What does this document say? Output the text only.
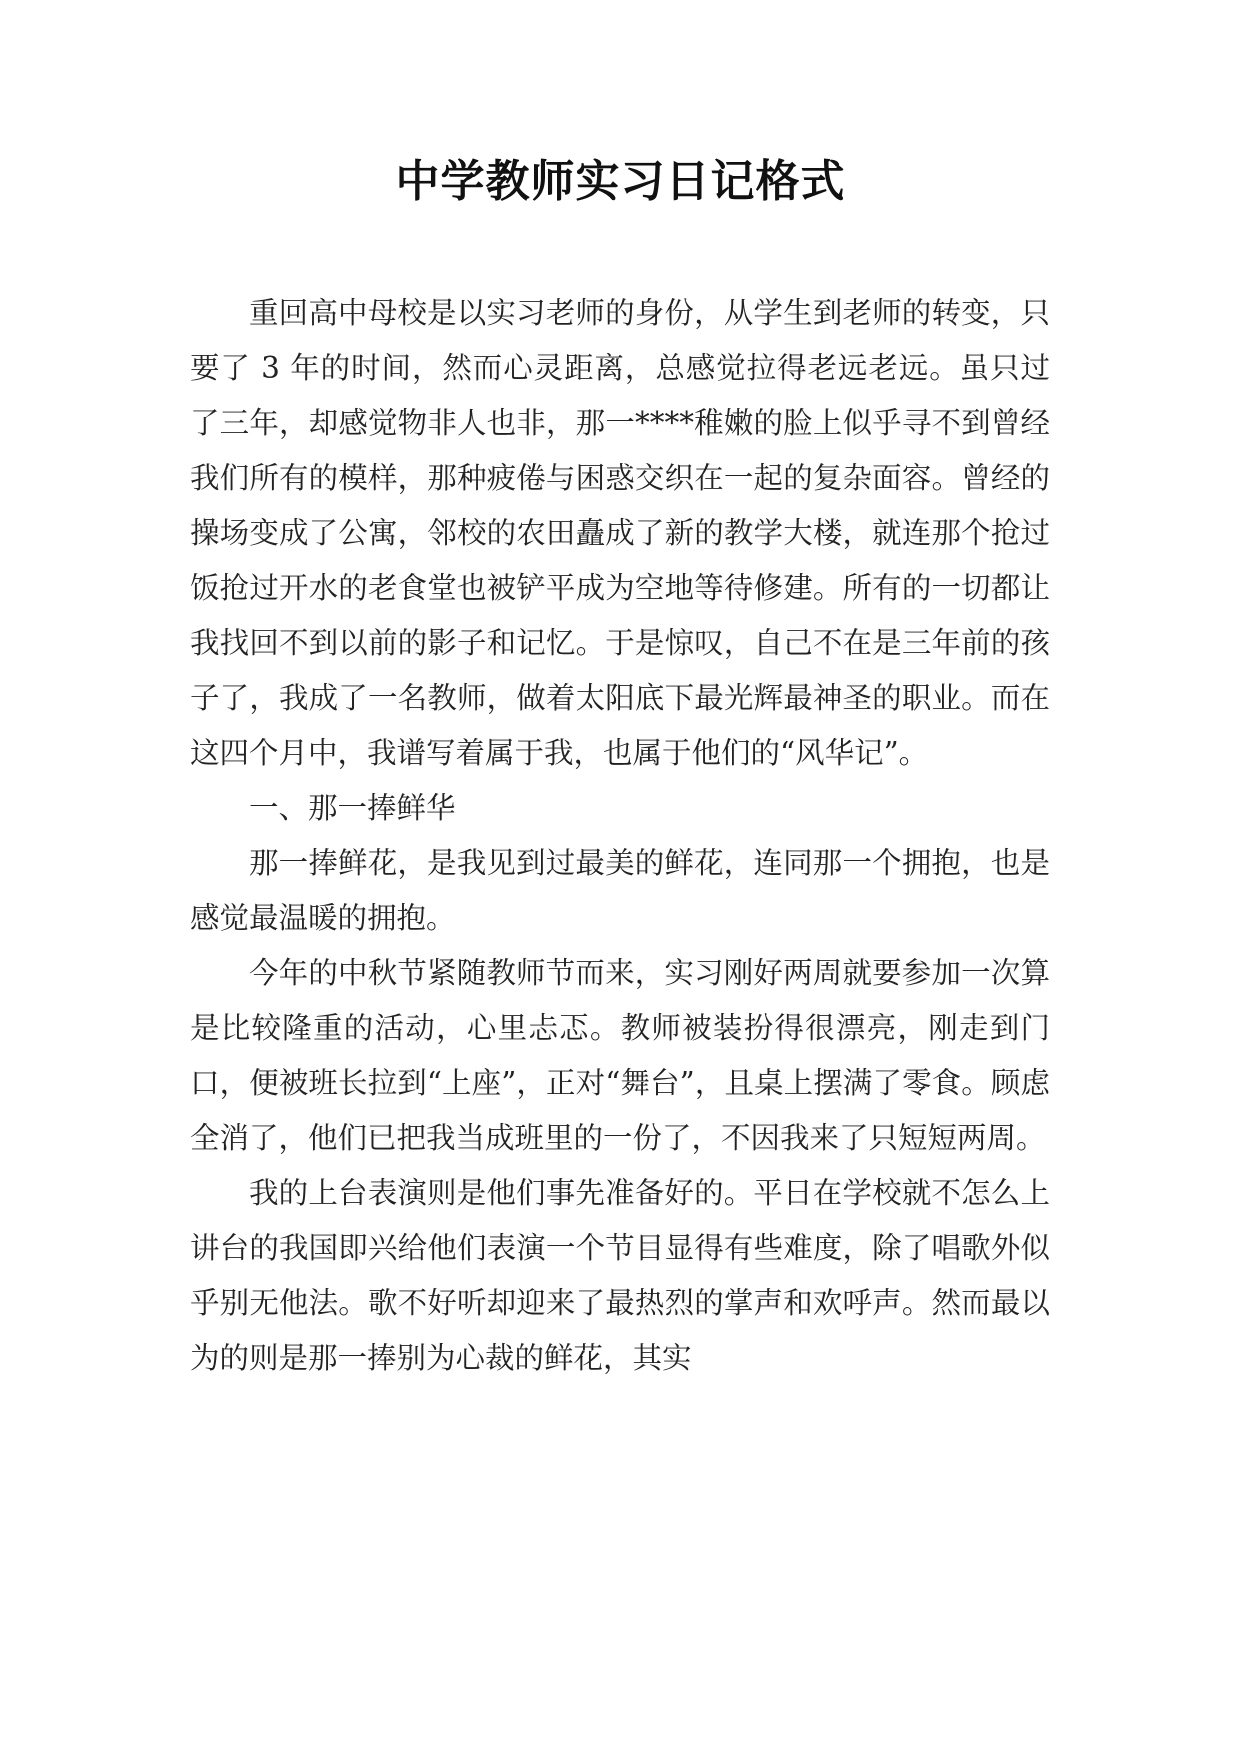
中学教师实习日记格式

重回高中母校是以实习老师的身份，从学生到老师的转变，只要了 3 年的时间，然而心灵距离，总感觉拉得老远老远。虽只过了三年，却感觉物非人也非，那一****稚嫩的脸上似乎寻不到曾经我们所有的模样，那种疲倦与困惑交织在一起的复杂面容。曾经的操场变成了公寓，邻校的农田矗成了新的教学大楼，就连那个抢过饭抢过开水的老食堂也被铲平成为空地等待修建。所有的一切都让我找回不到以前的影子和记忆。于是惊叹，自己不在是三年前的孩子了，我成了一名教师，做着太阳底下最光辉最神圣的职业。而在这四个月中，我谱写着属于我，也属于他们的“风华记”。

一、那一捧鲜华

那一捧鲜花，是我见到过最美的鲜花，连同那一个拥抱，也是感觉最温暖的拥抱。

今年的中秋节紧随教师节而来，实习刚好两周就要参加一次算是比较隆重的活动，心里忐忑。教师被装扮得很漂亮，刚走到门口，便被班长拉到“上座”，正对“舞台”，且桌上摆满了零食。顾虑全消了，他们已把我当成班里的一份了，不因我来了只短短两周。

我的上台表演则是他们事先准备好的。平日在学校就不怎么上讲台的我国即兴给他们表演一个节目显得有些难度，除了唱歌外似乎别无他法。歌不好听却迎来了最热烈的掌声和欢呼声。然而最以为的则是那一捧别为心裁的鲜花，其实
